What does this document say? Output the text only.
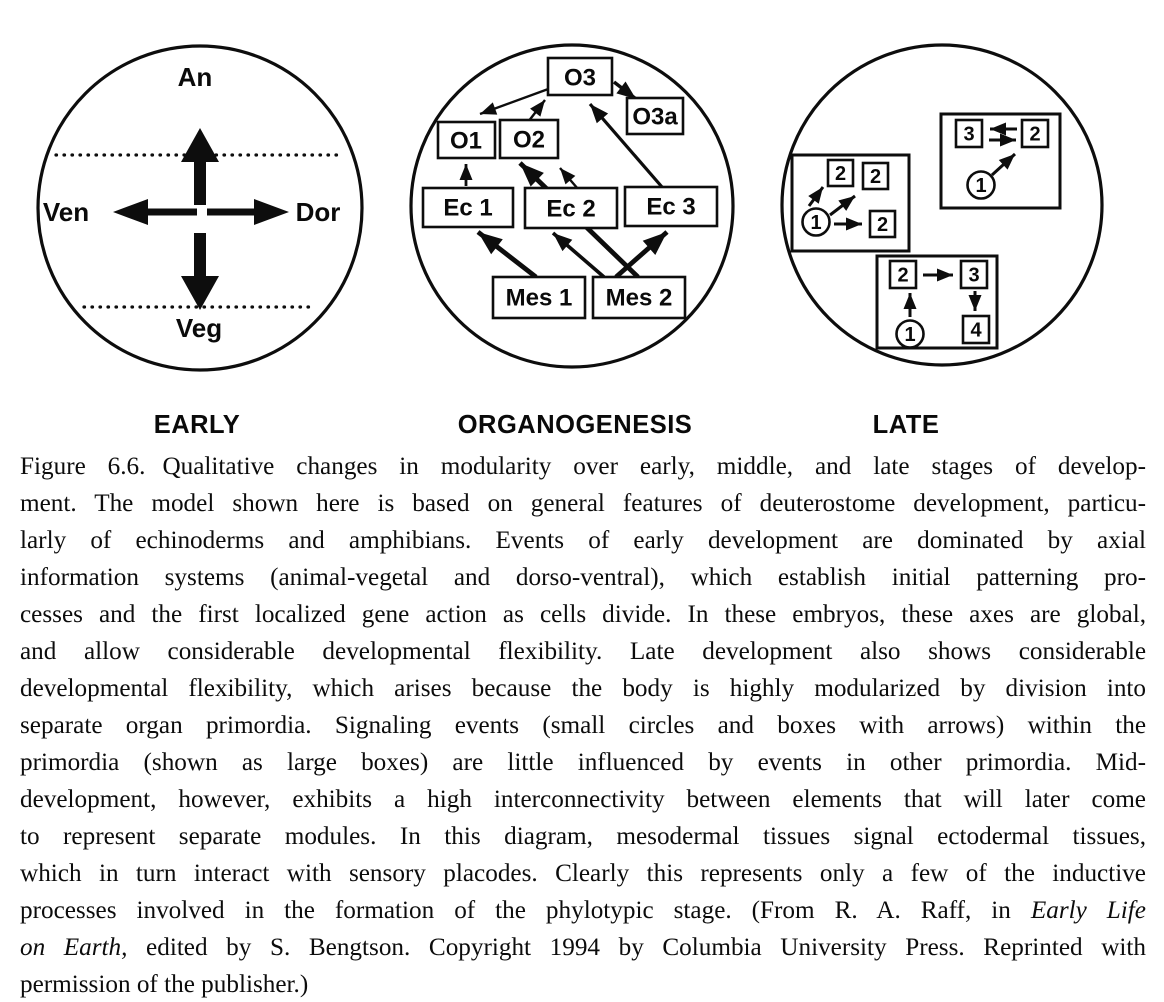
An
Ven	Dor
Veg
O3
O3a
O1 O2
Ec 1 Ec 2 Ec 3
Mes 1 Mes 2
1
2 2
2
3	2
1
2	3
1	4
EARLY	ORGANOGENESIS	LATE
Figure 6.6. Qualitative changes in modularity over early, middle, and late stages of develop-
ment. The model shown here is based on general features of deuterostome development, particu-
larly of echinoderms and amphibians. Events of early development are dominated by axial
information systems (animal-vegetal and dorso-ventral), which establish initial patterning pro-
cesses and the first localized gene action as cells divide. In these embryos, these axes are global,
and allow considerable developmental flexibility. Late development also shows considerable
developmental flexibility, which arises because the body is highly modularized by division into
separate organ primordia. Signaling events (small circles and boxes with arrows) within the
primordia (shown as large boxes) are little influenced by events in other primordia. Mid-
development, however, exhibits a high interconnectivity between elements that will later come
to represent separate modules. In this diagram, mesodermal tissues signal ectodermal tissues,
which in turn interact with sensory placodes. Clearly this represents only a few of the inductive
processes involved in the formation of the phylotypic stage. (From R. A. Raff, in Early Life
on Earth, edited by S. Bengtson. Copyright 1994 by Columbia University Press. Reprinted with
permission of the publisher.)
